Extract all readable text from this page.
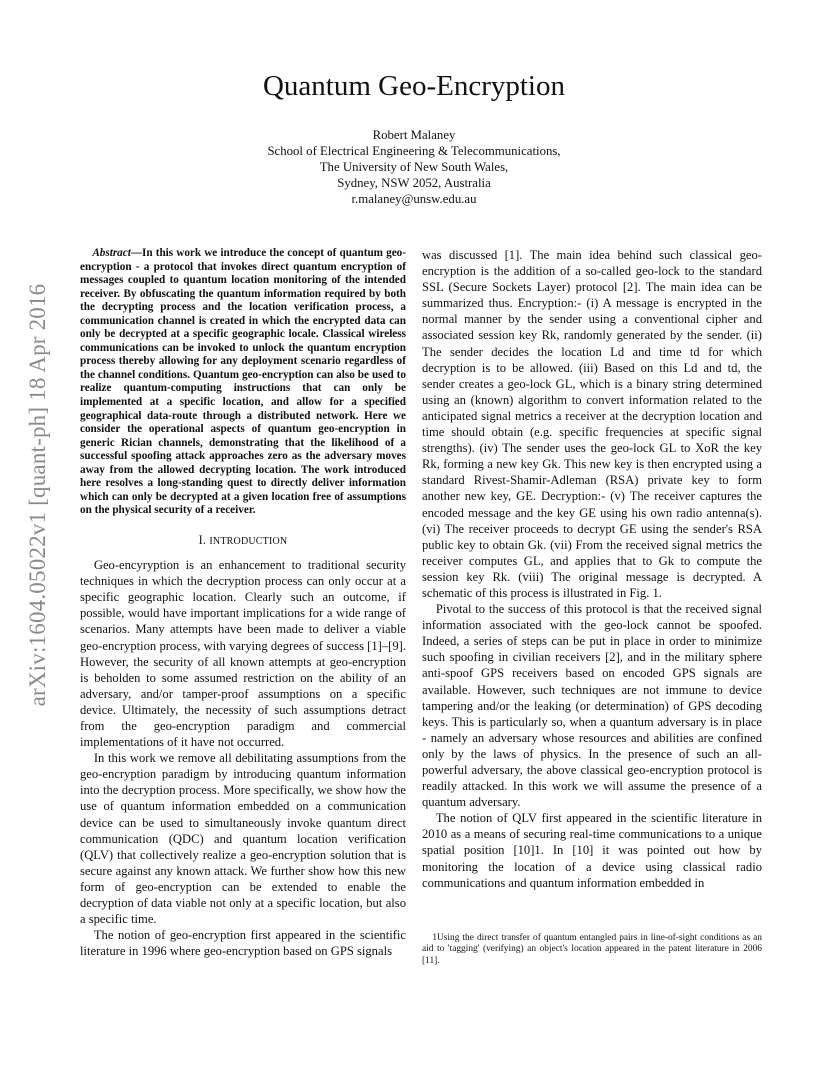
arXiv:1604.05022v1 [quant-ph] 18 Apr 2016
Quantum Geo-Encryption
Robert Malaney
School of Electrical Engineering & Telecommunications,
The University of New South Wales,
Sydney, NSW 2052, Australia
r.malaney@unsw.edu.au

Abstract—In this work we introduce the concept of quantum geo-encryption - a protocol that invokes direct quantum encryption of messages coupled to quantum location monitoring of the intended receiver. By obfuscating the quantum information required by both the decrypting process and the location verification process, a communication channel is created in which the encrypted data can only be decrypted at a specific geographic locale. Classical wireless communications can be invoked to unlock the quantum encryption process thereby allowing for any deployment scenario regardless of the channel conditions. Quantum geo-encryption can also be used to realize quantum-computing instructions that can only be implemented at a specific location, and allow for a specified geographical data-route through a distributed network. Here we consider the operational aspects of quantum geo-encryption in generic Rician channels, demonstrating that the likelihood of a successful spoofing attack approaches zero as the adversary moves away from the allowed decrypting location. The work introduced here resolves a long-standing quest to directly deliver information which can only be decrypted at a given location free of assumptions on the physical security of a receiver.

I. INTRODUCTION

Geo-encyryption is an enhancement to traditional security techniques in which the decryption process can only occur at a specific geographic location. Clearly such an outcome, if possible, would have important implications for a wide range of scenarios. Many attempts have been made to deliver a viable geo-encryption process, with varying degrees of success [1]–[9]. However, the security of all known attempts at geo-encryption is beholden to some assumed restriction on the ability of an adversary, and/or tamper-proof assumptions on a specific device. Ultimately, the necessity of such assumptions detract from the geo-encryption paradigm and commercial implementations of it have not occurred.

In this work we remove all debilitating assumptions from the geo-encryption paradigm by introducing quantum information into the decryption process. More specifically, we show how the use of quantum information embedded on a communication device can be used to simultaneously invoke quantum direct communication (QDC) and quantum location verification (QLV) that collectively realize a geo-encryption solution that is secure against any known attack. We further show how this new form of geo-encryption can be extended to enable the decryption of data viable not only at a specific location, but also a specific time.

The notion of geo-encryption first appeared in the scientific literature in 1996 where geo-encryption based on GPS signals

was discussed [1]. The main idea behind such classical geo-encryption is the addition of a so-called geo-lock to the standard SSL (Secure Sockets Layer) protocol [2]. The main idea can be summarized thus. Encryption:- (i) A message is encrypted in the normal manner by the sender using a conventional cipher and associated session key Rk, randomly generated by the sender. (ii) The sender decides the location Ld and time td for which decryption is to be allowed. (iii) Based on this Ld and td, the sender creates a geo-lock GL, which is a binary string determined using an (known) algorithm to convert information related to the anticipated signal metrics a receiver at the decryption location and time should obtain (e.g. specific frequencies at specific signal strengths). (iv) The sender uses the geo-lock GL to XoR the key Rk, forming a new key Gk. This new key is then encrypted using a standard Rivest-Shamir-Adleman (RSA) private key to form another new key, GE. Decryption:- (v) The receiver captures the encoded message and the key GE using his own radio antenna(s). (vi) The receiver proceeds to decrypt GE using the sender's RSA public key to obtain Gk. (vii) From the received signal metrics the receiver computes GL, and applies that to Gk to compute the session key Rk. (viii) The original message is decrypted. A schematic of this process is illustrated in Fig. 1.

Pivotal to the success of this protocol is that the received signal information associated with the geo-lock cannot be spoofed. Indeed, a series of steps can be put in place in order to minimize such spoofing in civilian receivers [2], and in the military sphere anti-spoof GPS receivers based on encoded GPS signals are available. However, such techniques are not immune to device tampering and/or the leaking (or determination) of GPS decoding keys. This is particularly so, when a quantum adversary is in place - namely an adversary whose resources and abilities are confined only by the laws of physics. In the presence of such an all-powerful adversary, the above classical geo-encryption protocol is readily attacked. In this work we will assume the presence of a quantum adversary.

The notion of QLV first appeared in the scientific literature in 2010 as a means of securing real-time communications to a unique spatial position [10]1. In [10] it was pointed out how by monitoring the location of a device using classical radio communications and quantum information embedded in

1Using the direct transfer of quantum entangled pairs in line-of-sight conditions as an aid to 'tagging' (verifying) an object's location appeared in the patent literature in 2006 [11].
